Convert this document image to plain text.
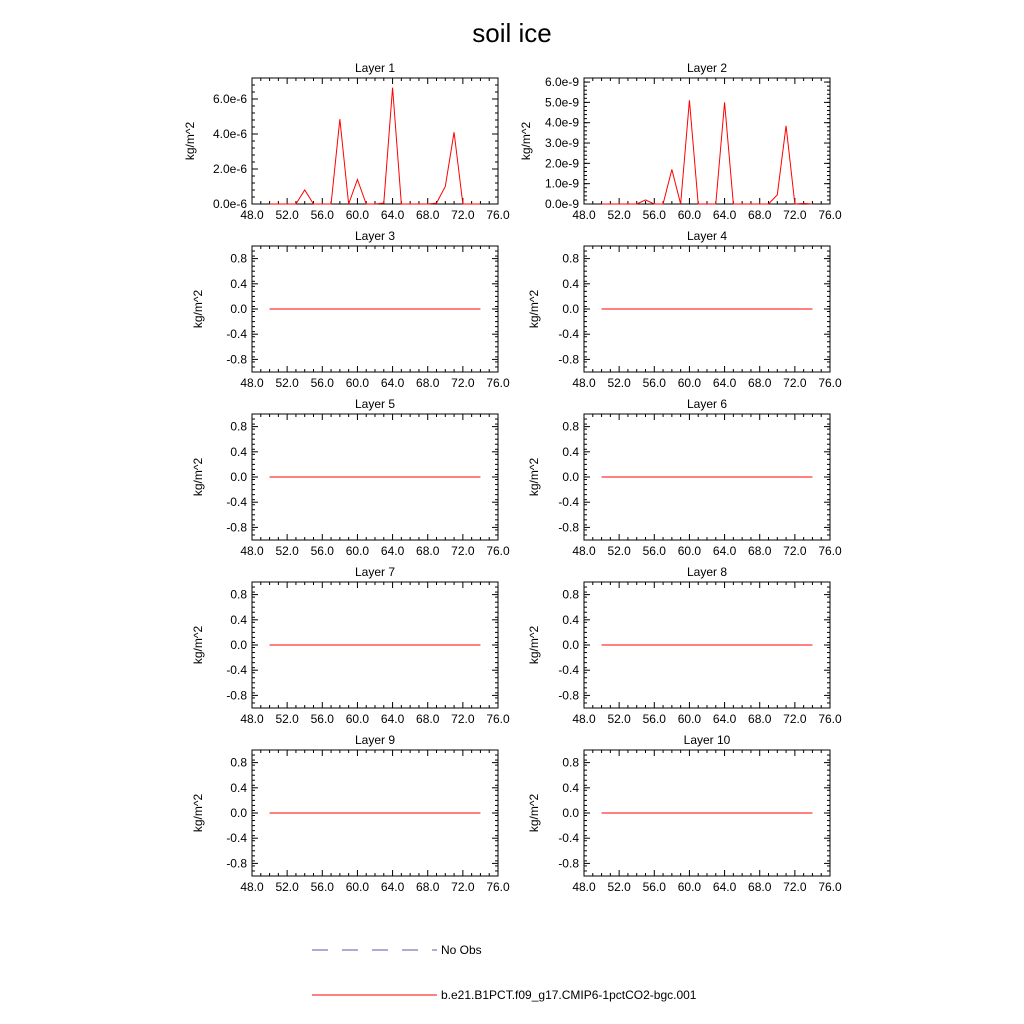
soil ice
Layer 1
48.0 52.0 56.0 60.0 64.0 68.0 72.0 76.0
0.0e-6
2.0e-6
4.0e-6
6.0e-6
kg/m^2
Layer 2
48.0 52.0 56.0 60.0 64.0 68.0 72.0 76.0
0.0e-9
1.0e-9
2.0e-9
3.0e-9
4.0e-9
5.0e-9
6.0e-9
kg/m^2
Layer 3
48.0 52.0 56.0 60.0 64.0 68.0 72.0 76.0
0.8
0.4
0.0
-0.4
-0.8
kg/m^2
Layer 4
48.0 52.0 56.0 60.0 64.0 68.0 72.0 76.0
0.8
0.4
0.0
-0.4
-0.8
kg/m^2
Layer 5
48.0 52.0 56.0 60.0 64.0 68.0 72.0 76.0
0.8
0.4
0.0
-0.4
-0.8
kg/m^2
Layer 6
48.0 52.0 56.0 60.0 64.0 68.0 72.0 76.0
0.8
0.4
0.0
-0.4
-0.8
kg/m^2
Layer 7
48.0 52.0 56.0 60.0 64.0 68.0 72.0 76.0
0.8
0.4
0.0
-0.4
-0.8
kg/m^2
Layer 8
48.0 52.0 56.0 60.0 64.0 68.0 72.0 76.0
0.8
0.4
0.0
-0.4
-0.8
kg/m^2
Layer 9
48.0 52.0 56.0 60.0 64.0 68.0 72.0 76.0
0.8
0.4
0.0
-0.4
-0.8
kg/m^2
Layer 10
48.0 52.0 56.0 60.0 64.0 68.0 72.0 76.0
0.8
0.4
0.0
-0.4
-0.8
kg/m^2
No Obs
b.e21.B1PCT.f09_g17.CMIP6-1pctCO2-bgc.001
